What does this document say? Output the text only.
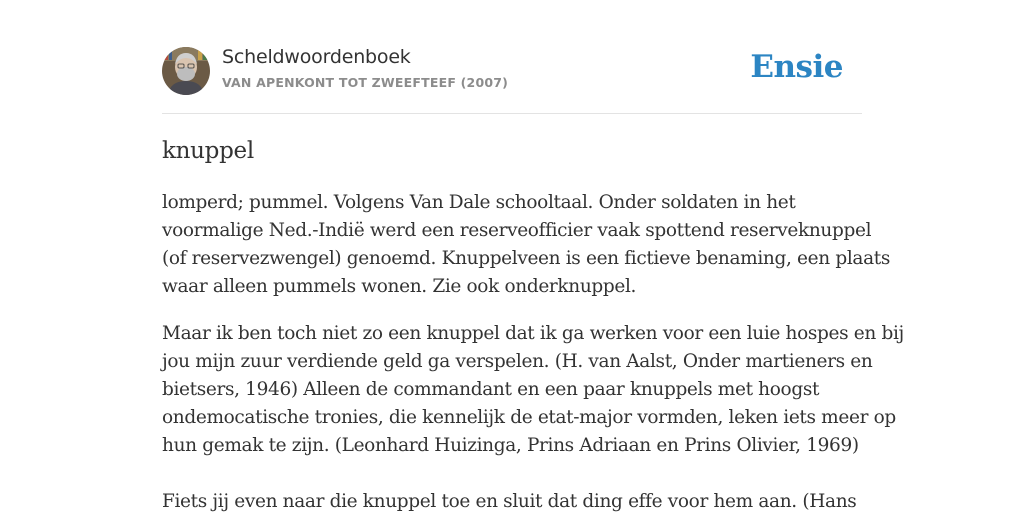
Scheldwoordenboek
VAN APENKONT TOT ZWEEFTEEF (2007)	Ensie
knuppel

lomperd; pummel. Volgens Van Dale schooltaal. Onder soldaten in het
voormalige Ned.-Indië werd een reserveofficier vaak spottend reserveknuppel
(of reservezwengel) genoemd. Knuppelveen is een fictieve benaming, een plaats
waar alleen pummels wonen. Zie ook onderknuppel.

Maar ik ben toch niet zo een knuppel dat ik ga werken voor een luie hospes en bij
jou mijn zuur verdiende geld ga verspelen. (H. van Aalst, Onder martieners en
bietsers, 1946) Alleen de commandant en een paar knuppels met hoogst
ondemocatische tronies, die kennelijk de etat-major vormden, leken iets meer op
hun gemak te zijn. (Leonhard Huizinga, Prins Adriaan en Prins Olivier, 1969)

Fiets jij even naar die knuppel toe en sluit dat ding effe voor hem aan. (Hans
